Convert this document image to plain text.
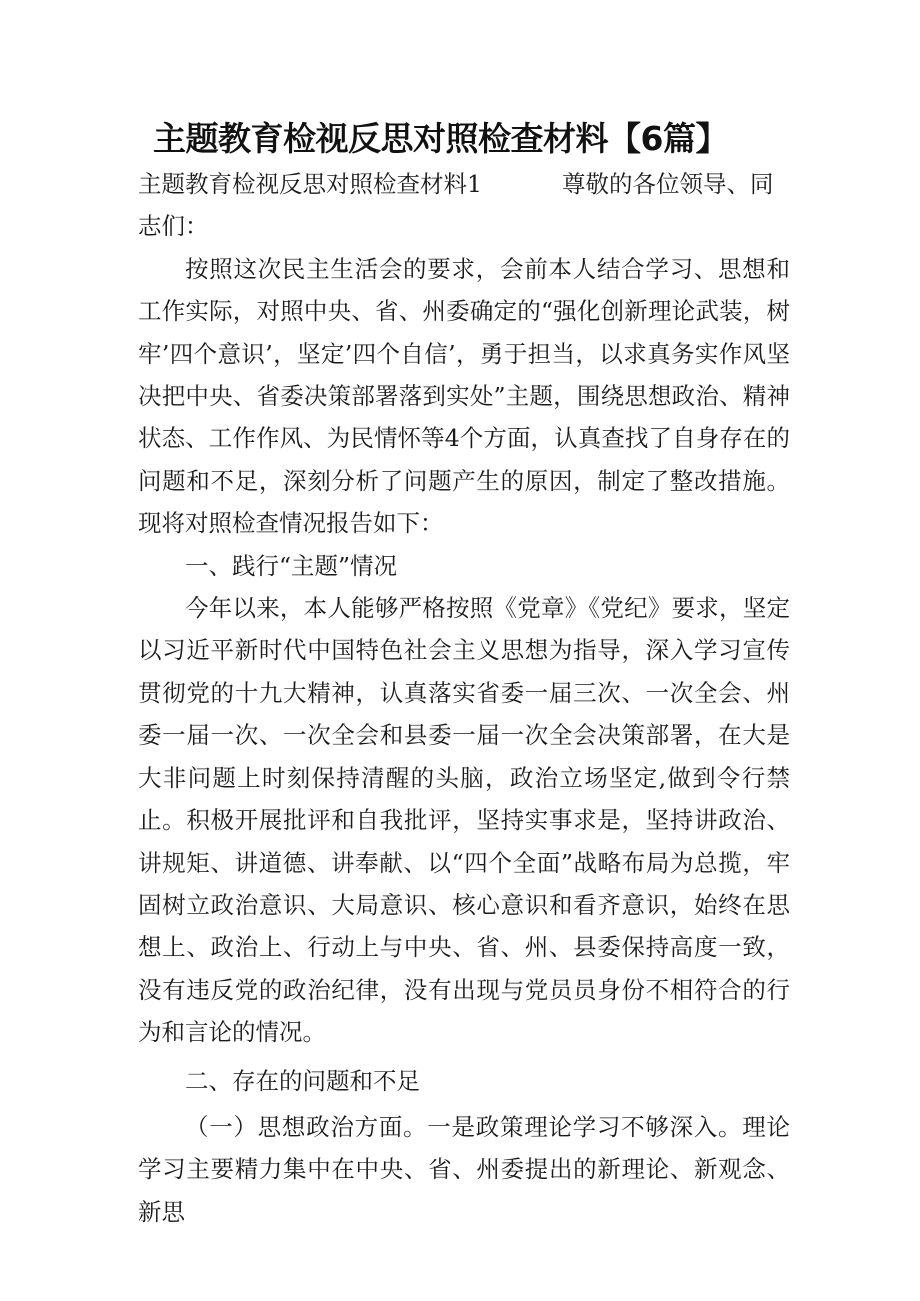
主题教育检视反思对照检查材料【6篇】

主题教育检视反思对照检查材料1	尊敬的各位领导、同

志们：

按照这次民主生活会的要求，会前本人结合学习、思想和工作实际，对照中央、省、州委确定的“强化创新理论武装，树牢’四个意识’，坚定’四个自信’，勇于担当，以求真务实作风坚决把中央、省委决策部署落到实处”主题，围绕思想政治、精神状态、工作作风、为民情怀等4个方面，认真查找了自身存在的问题和不足，深刻分析了问题产生的原因，制定了整改措施。现将对照检查情况报告如下：

一、践行“主题”情况

今年以来，本人能够严格按照《党章》《党纪》要求，坚定以习近平新时代中国特色社会主义思想为指导，深入学习宣传贯彻党的十九大精神，认真落实省委一届三次、一次全会、州委一届一次、一次全会和县委一届一次全会决策部署，在大是大非问题上时刻保持清醒的头脑，政治立场坚定,做到令行禁止。积极开展批评和自我批评，坚持实事求是，坚持讲政治、讲规矩、讲道德、讲奉献、以“四个全面”战略布局为总揽，牢固树立政治意识、大局意识、核心意识和看齐意识，始终在思想上、政治上、行动上与中央、省、州、县委保持高度一致，没有违反党的政治纪律，没有出现与党员员身份不相符合的行为和言论的情况。

二、存在的问题和不足

（一）思想政治方面。一是政策理论学习不够深入。理论学习主要精力集中在中央、省、州委提出的新理论、新观念、新思
